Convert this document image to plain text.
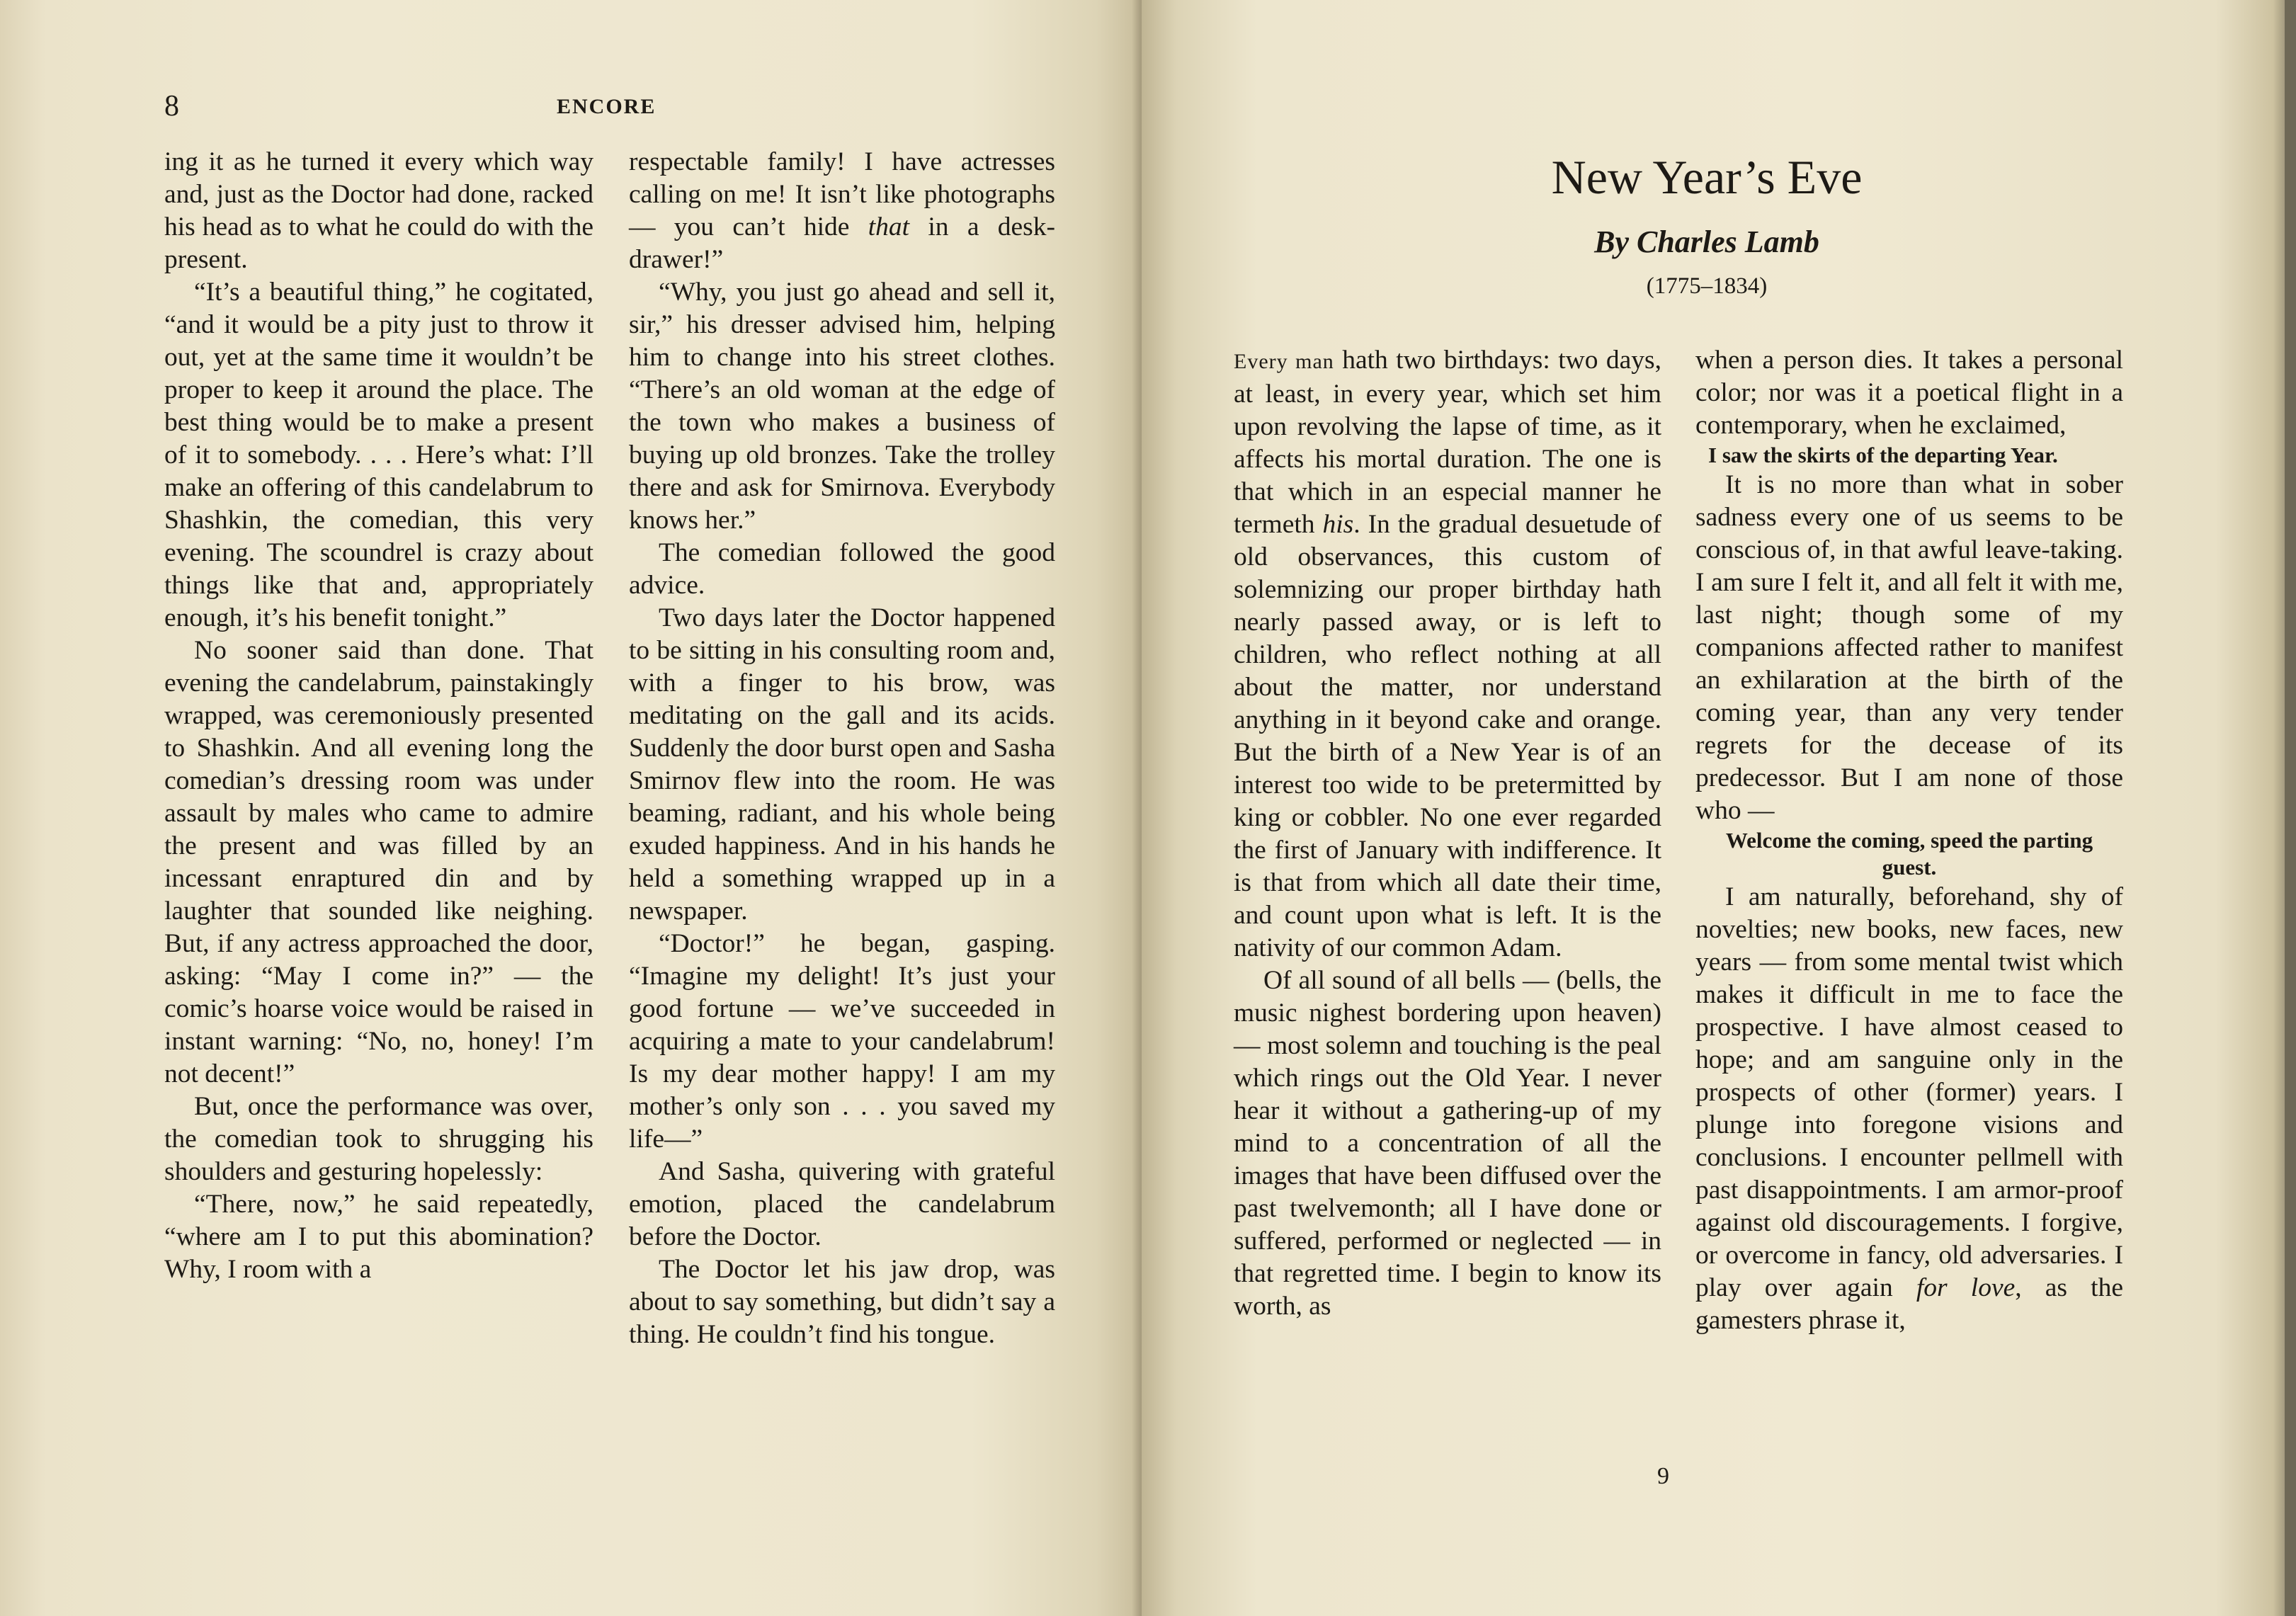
8	ENCORE

ing it as he turned it every which way and, just as the Doctor had done, racked his head as to what he could do with the present.

“It’s a beautiful thing,” he cogitated, “and it would be a pity just to throw it out, yet at the same time it wouldn’t be proper to keep it around the place. The best thing would be to make a present of it to somebody. . . . Here’s what: I’ll make an offering of this candelabrum to Shashkin, the comedian, this very evening. The scoundrel is crazy about things like that and, appropriately enough, it’s his benefit tonight.”

No sooner said than done. That evening the candelabrum, painstakingly wrapped, was ceremoniously presented to Shashkin. And all evening long the comedian’s dressing room was under assault by males who came to admire the present and was filled by an incessant enraptured din and by laughter that sounded like neighing. But, if any actress approached the door, asking: “May I come in?” — the comic’s hoarse voice would be raised in instant warning: “No, no, honey! I’m not decent!”

But, once the performance was over, the comedian took to shrugging his shoulders and gesturing hopelessly:

“There, now,” he said repeatedly, “where am I to put this abomination? Why, I room with a

respectable family! I have actresses calling on me! It isn’t like photographs — you can’t hide that in a desk-drawer!”

“Why, you just go ahead and sell it, sir,” his dresser advised him, helping him to change into his street clothes. “There’s an old woman at the edge of the town who makes a business of buying up old bronzes. Take the trolley there and ask for Smirnova. Everybody knows her.”

The comedian followed the good advice.

Two days later the Doctor happened to be sitting in his consulting room and, with a finger to his brow, was meditating on the gall and its acids. Suddenly the door burst open and Sasha Smirnov flew into the room. He was beaming, radiant, and his whole being exuded happiness. And in his hands he held a something wrapped up in a newspaper.

“Doctor!” he began, gasping. “Imagine my delight! It’s just your good fortune — we’ve succeeded in acquiring a mate to your candelabrum! Is my dear mother happy! I am my mother’s only son . . . you saved my life—”

And Sasha, quivering with grateful emotion, placed the candelabrum before the Doctor.

The Doctor let his jaw drop, was about to say something, but didn’t say a thing. He couldn’t find his tongue.

New Year’s Eve
By Charles Lamb
(1775–1834)

Every man hath two birthdays: two days, at least, in every year, which set him upon revolving the lapse of time, as it affects his mortal duration. The one is that which in an especial manner he termeth his. In the gradual desuetude of old observances, this custom of solemnizing our proper birthday hath nearly passed away, or is left to children, who reflect nothing at all about the matter, nor understand anything in it beyond cake and orange. But the birth of a New Year is of an interest too wide to be pretermitted by king or cobbler. No one ever regarded the first of January with indifference. It is that from which all date their time, and count upon what is left. It is the nativity of our common Adam.

Of all sound of all bells — (bells, the music nighest bordering upon heaven) — most solemn and touching is the peal which rings out the Old Year. I never hear it without a gathering-up of my mind to a concentration of all the images that have been diffused over the past twelvemonth; all I have done or suffered, performed or neglected — in that regretted time. I begin to know its worth, as

when a person dies. It takes a personal color; nor was it a poetical flight in a contemporary, when he exclaimed,

I saw the skirts of the departing Year.

It is no more than what in sober sadness every one of us seems to be conscious of, in that awful leave-taking. I am sure I felt it, and all felt it with me, last night; though some of my companions affected rather to manifest an exhilaration at the birth of the coming year, than any very tender regrets for the decease of its predecessor. But I am none of those who —

Welcome the coming, speed the parting guest.

I am naturally, beforehand, shy of novelties; new books, new faces, new years — from some mental twist which makes it difficult in me to face the prospective. I have almost ceased to hope; and am sanguine only in the prospects of other (former) years. I plunge into foregone visions and conclusions. I encounter pellmell with past disappointments. I am armor-proof against old discouragements. I forgive, or overcome in fancy, old adversaries. I play over again for love, as the gamesters phrase it,

9
